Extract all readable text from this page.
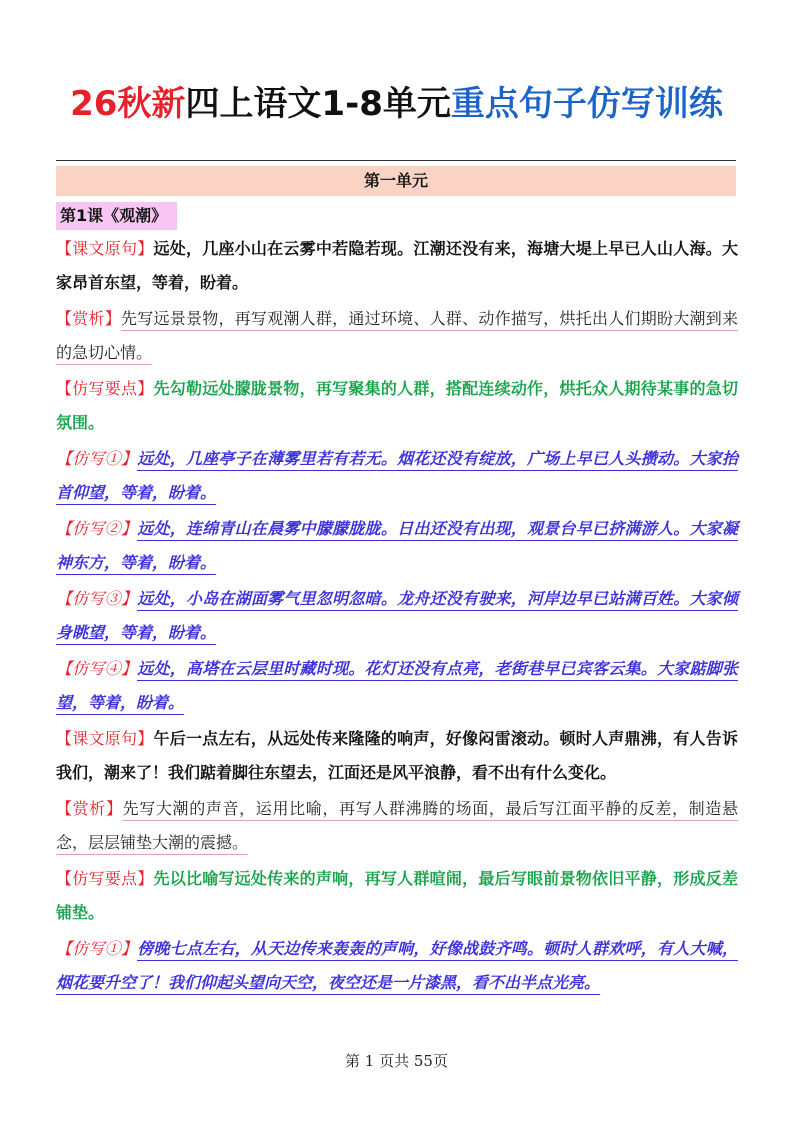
26秋新四上语文1-8单元重点句子仿写训练
第一单元
第1课《观潮》

【课文原句】远处，几座小山在云雾中若隐若现。江潮还没有来，海塘大堤上早已人山人海。大家昂首东望，等着，盼着。

【赏析】先写远景景物，再写观潮人群，通过环境、人群、动作描写，烘托出人们期盼大潮到来的急切心情。

【仿写要点】先勾勒远处朦胧景物，再写聚集的人群，搭配连续动作，烘托众人期待某事的急切氛围。

【仿写①】远处，几座亭子在薄雾里若有若无。烟花还没有绽放，广场上早已人头攒动。大家抬首仰望，等着，盼着。

【仿写②】远处，连绵青山在晨雾中朦朦胧胧。日出还没有出现，观景台早已挤满游人。大家凝神东方，等着，盼着。

【仿写③】远处，小岛在湖面雾气里忽明忽暗。龙舟还没有驶来，河岸边早已站满百姓。大家倾身眺望，等着，盼着。

【仿写④】远处，高塔在云层里时藏时现。花灯还没有点亮，老街巷早已宾客云集。大家踮脚张望，等着，盼着。

【课文原句】午后一点左右，从远处传来隆隆的响声，好像闷雷滚动。顿时人声鼎沸，有人告诉我们，潮来了！我们踮着脚往东望去，江面还是风平浪静，看不出有什么变化。

【赏析】先写大潮的声音，运用比喻，再写人群沸腾的场面，最后写江面平静的反差，制造悬念，层层铺垫大潮的震撼。

【仿写要点】先以比喻写远处传来的声响，再写人群喧闹，最后写眼前景物依旧平静，形成反差铺垫。

【仿写①】傍晚七点左右，从天边传来轰轰的声响，好像战鼓齐鸣。顿时人群欢呼，有人大喊，烟花要升空了！我们仰起头望向天空，夜空还是一片漆黑，看不出半点光亮。

第 1 页共 55页
